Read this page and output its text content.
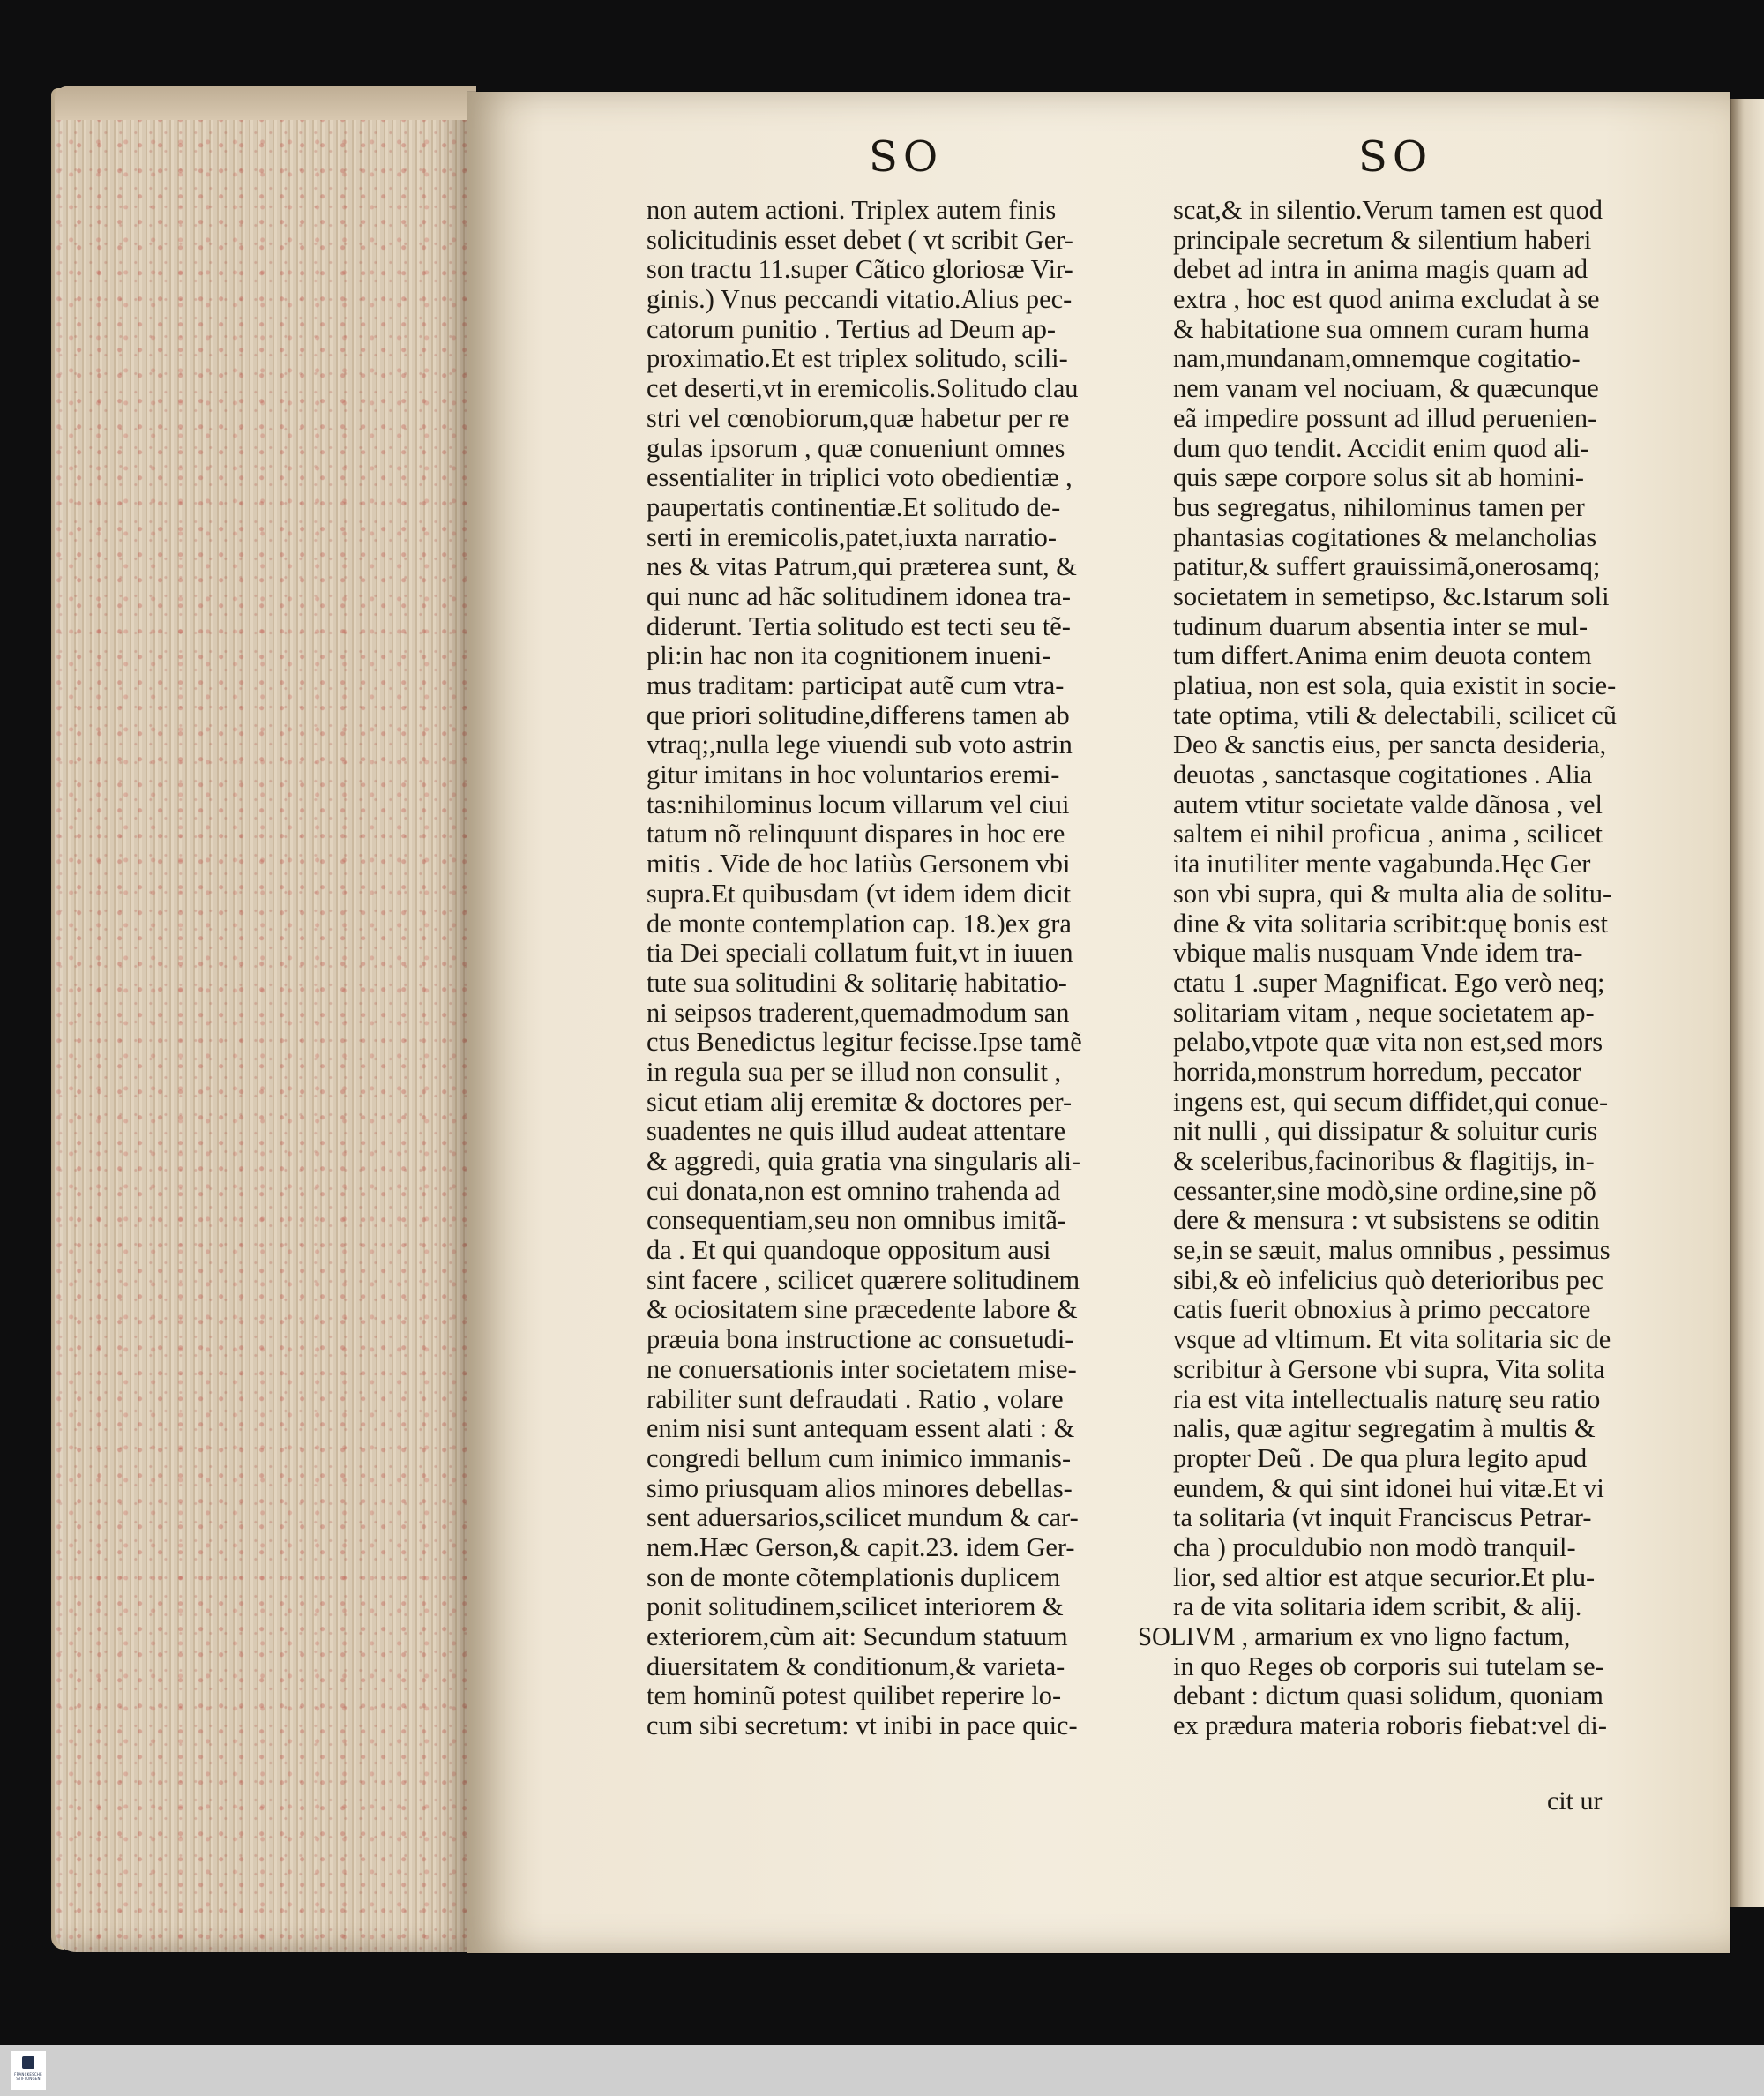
SO	SO
non autem actioni. Triplex autem finis
solicitudinis esset debet ( vt scribit Ger-
son tractu 11.super Cãtico gloriosæ Vir-
ginis.) Vnus peccandi vitatio.Alius pec-
catorum punitio . Tertius ad Deum ap-
proximatio.Et est triplex solitudo, scili-
cet deserti,vt in eremicolis.Solitudo clau
stri vel cœnobiorum,quæ habetur per re
gulas ipsorum , quæ conueniunt omnes
essentialiter in triplici voto obedientiæ ,
paupertatis continentiæ.Et solitudo de-
serti in eremicolis,patet,iuxta narratio-
nes & vitas Patrum,qui præterea sunt, &
qui nunc ad hãc solitudinem idonea tra-
diderunt. Tertia solitudo est tecti seu tẽ-
pli:in hac non ita cognitionem inueni-
mus traditam: participat autẽ cum vtra-
que priori solitudine,differens tamen ab
vtraq;,nulla lege viuendi sub voto astrin
gitur imitans in hoc voluntarios eremi-
tas:nihilominus locum villarum vel ciui
tatum nõ relinquunt dispares in hoc ere
mitis . Vide de hoc latiùs Gersonem vbi
supra.Et quibusdam (vt idem idem dicit
de monte contemplation cap. 18.)ex gra
tia Dei speciali collatum fuit,vt in iuuen
tute sua solitudini & solitariẹ habitatio-
ni seipsos traderent,quemadmodum san
ctus Benedictus legitur fecisse.Ipse tamẽ
in regula sua per se illud non consulit ,
sicut etiam alij eremitæ & doctores per-
suadentes ne quis illud audeat attentare
& aggredi, quia gratia vna singularis ali-
cui donata,non est omnino trahenda ad
consequentiam,seu non omnibus imitã-
da . Et qui quandoque oppositum ausi
sint facere , scilicet quærere solitudinem
& ociositatem sine præcedente labore &
præuia bona instructione ac consuetudi-
ne conuersationis inter societatem mise-
rabiliter sunt defraudati . Ratio , volare
enim nisi sunt antequam essent alati : &
congredi bellum cum inimico immanis-
simo priusquam alios minores debellas-
sent aduersarios,scilicet mundum & car-
nem.Hæc Gerson,& capit.23. idem Ger-
son de monte cõtemplationis duplicem
ponit solitudinem,scilicet interiorem &
exteriorem,cùm ait: Secundum statuum
diuersitatem & conditionum,& varieta-
tem hominũ potest quilibet reperire lo-
cum sibi secretum: vt inibi in pace quic-
scat,& in silentio.Verum tamen est quod
principale secretum & silentium haberi
debet ad intra in anima magis quam ad
extra , hoc est quod anima excludat à se
& habitatione sua omnem curam huma
nam,mundanam,omnemque cogitatio-
nem vanam vel nociuam, & quæcunque
eã impedire possunt ad illud peruenien-
dum quo tendit. Accidit enim quod ali-
quis sæpe corpore solus sit ab homini-
bus segregatus, nihilominus tamen per
phantasias cogitationes & melancholias
patitur,& suffert grauissimã,onerosamq;
societatem in semetipso, &c.Istarum soli
tudinum duarum absentia inter se mul-
tum differt.Anima enim deuota contem
platiua, non est sola, quia existit in socie-
tate optima, vtili & delectabili, scilicet cũ
Deo & sanctis eius, per sancta desideria,
deuotas , sanctasque cogitationes . Alia
autem vtitur societate valde dãnosa , vel
saltem ei nihil proficua , anima , scilicet
ita inutiliter mente vagabunda.Hęc Ger
son vbi supra, qui & multa alia de solitu-
dine & vita solitaria scribit:quę bonis est
vbique malis nusquam Vnde idem tra-
ctatu 1 .super Magnificat. Ego verò neq;
solitariam vitam , neque societatem ap-
pelabo,vtpote quæ vita non est,sed mors
horrida,monstrum horredum, peccator
ingens est, qui secum diffidet,qui conue-
nit nulli , qui dissipatur & soluitur curis
& sceleribus,facinoribus & flagitijs, in-
cessanter,sine modò,sine ordine,sine põ
dere & mensura : vt subsistens se oditin
se,in se sæuit, malus omnibus , pessimus
sibi,& eò infelicius quò deterioribus pec
catis fuerit obnoxius à primo peccatore
vsque ad vltimum. Et vita solitaria sic de
scribitur à Gersone vbi supra, Vita solita
ria est vita intellectualis naturę seu ratio
nalis, quæ agitur segregatim à multis &
propter Deũ . De qua plura legito apud
eundem, & qui sint idonei hui vitæ.Et vi
ta solitaria (vt inquit Franciscus Petrar-
cha ) proculdubio non modò tranquil-
lior, sed altior est atque securior.Et plu-
ra de vita solitaria idem scribit, & alij.
SOLIVM , armarium ex vno ligno factum,
in quo Reges ob corporis sui tutelam se-
debant : dictum quasi solidum, quoniam
ex prædura materia roboris fiebat:vel di-
cit ur
FRANCKESCHE STIFTUNGEN
